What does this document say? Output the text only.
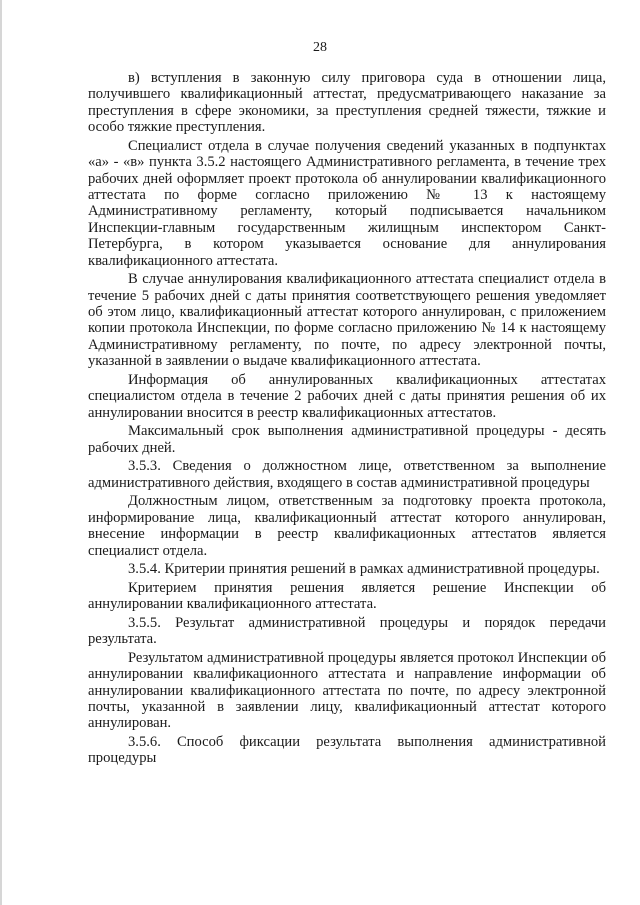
28

в) вступления в законную силу приговора суда в отношении лица, получившего квалификационный аттестат, предусматривающего наказание за преступления в сфере экономики, за преступления средней тяжести, тяжкие и особо тяжкие преступления.

Специалист отдела в случае получения сведений указанных в подпунктах «а» - «в» пункта 3.5.2 настоящего Административного регламента, в течение трех рабочих дней оформляет проект протокола об аннулировании квалификационного аттестата по форме согласно приложению № 13 к настоящему Административному регламенту, который подписывается начальником Инспекции-главным государственным жилищным инспектором Санкт-Петербурга, в котором указывается основание для аннулирования квалификационного аттестата.

В случае аннулирования квалификационного аттестата специалист отдела в течение 5 рабочих дней с даты принятия соответствующего решения уведомляет об этом лицо, квалификационный аттестат которого аннулирован, с приложением копии протокола Инспекции, по форме согласно приложению № 14 к настоящему Административному регламенту, по почте, по адресу электронной почты, указанной в заявлении о выдаче квалификационного аттестата.

Информация об аннулированных квалификационных аттестатах специалистом отдела в течение 2 рабочих дней с даты принятия решения об их аннулировании вносится в реестр квалификационных аттестатов.

Максимальный срок выполнения административной процедуры - десять рабочих дней.

3.5.3. Сведения о должностном лице, ответственном за выполнение административного действия, входящего в состав административной процедуры

Должностным лицом, ответственным за подготовку проекта протокола, информирование лица, квалификационный аттестат которого аннулирован, внесение информации в реестр квалификационных аттестатов является специалист отдела.

3.5.4. Критерии принятия решений в рамках административной процедуры.

Критерием принятия решения является решение Инспекции об аннулировании квалификационного аттестата.

3.5.5. Результат административной процедуры и порядок передачи результата.

Результатом административной процедуры является протокол Инспекции об аннулировании квалификационного аттестата и направление информации об аннулировании квалификационного аттестата по почте, по адресу электронной почты, указанной в заявлении лицу, квалификационный аттестат которого аннулирован.

3.5.6. Способ фиксации результата выполнения административной процедуры
